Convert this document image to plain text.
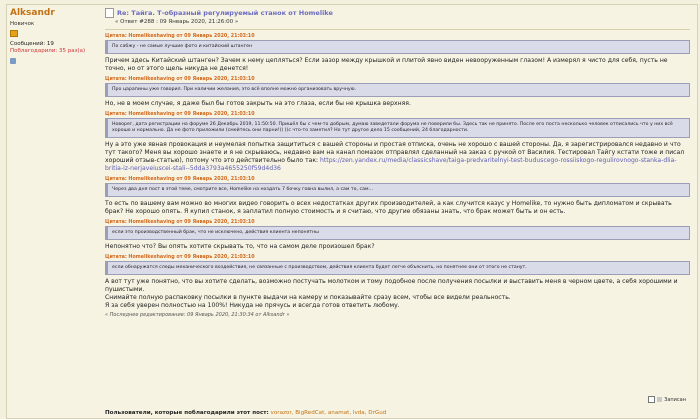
Alksandr
Новичок
Сообщений: 19
Поблагодарили: 35 раз(а)
Re: Тайга. Т-образный регулируемый станок от Homelike
« Ответ #288 : 09 Январь 2020, 21:26:00 »
Цитата: Homelikeshaving от 09 Январь 2020, 21:03:10
По сабжу - не самые лучшие фото и китайский штанген
Причем здесь Китайский штанген? Зачем к нему цепляться? Если зазор между крышкой и плитой явно виден невооруженным глазом! А измерял я чисто для себя, пусть не точно, но от этого щель никуда не денется!
Цитата: Homelikeshaving от 09 Январь 2020, 21:03:10
Про царапины уже говорил. При наличии желания, это всё вполне можно организовать вручную.
Но, не в моем случае, я даже был бы готов закрыть на это глаза, если бы не крышка верхняя.
Цитата: Homelikeshaving от 09 Январь 2020, 21:03:10
Новорег, дата регистрации на форуме 26 Декабрь 2019, 11:50:50. Пришёл бы с чем-то добрым, думаю заведетали форума не поверили бы. Здесь так не принято. После его поста несколько человек отписались что у них всё хорошо и нормально. Да не фото приложили (смейтесь они парни!)) )(с что-то заметил? Но тут другое дело 15 сообщений, 24 благодарности.
Ну а это уже явная провокация и неумелая попытка защититься с вашей стороны и простая отписка, очень не хорошо с вашей стороны. Да, я зарегистрировался недавно и что тут такого? Меня вы хорошо знаете и я не скрываюсь, недавно вам на канал помазок отправлял сделанный на заказ с ручкой от Василия. Тестировал Тайгу кстати тоже и писал хороший отзыв-статью), потому что это действительно было так: https://zen.yandex.ru/media/classicshave/taiga-predvaritelnyi-test-buduscego-rossiiskogo-regulirovnogo-stanka-dlia-britia-iz-nerjaveiuscei-stali--5dda3793a4655250f59d4d36
Цитата: Homelikeshaving от 09 Январь 2020, 21:03:10
Через два дня пост в этой теме, смотрите все, Homelike на ноздать 7 бочку говна вылил, а сам то, сам...
То есть по вашему вам можно во многих видео говорить о всех недостатках других производителей, а как случится казус у Homelike, то нужно быть дипломатом и скрывать брак? Не хорошо опять. Я купил станок, я заплатил полную стоимость и я считаю, что другие обязаны знать, что брак может быть и он есть.
Цитата: Homelikeshaving от 09 Январь 2020, 21:03:10
если это производственный брак, что не исключено, действия клиента непонятны
Непонятно что? Вы опять хотите скрывать то, что на самом деле произошел брак?
Цитата: Homelikeshaving от 09 Январь 2020, 21:03:10
если обнаружатся следы механического воздействия, не связанные с производством, действия клиента будет легче объяснить, но понятнее они от этого не станут.
А вот тут уже понятно, что вы хотите сделать, возможно постучать молотком и тому подобное после получения посылки и выставить меня в черном цвете, а себя хорошими и пушистыми.
Снимайте полную распаковку посылки в пункте выдачи на камеру и показывайте сразу всем, чтобы все видели реальность.
Я за себя уверен полностью на 100%! Никуда не прячусь и всегда готов ответить любому.
« Последнее редактирование: 09 Январь 2020, 21:30:34 от Alksandr »
Записан
Пользователи, которые поблагодарили этот пост: vorazor, BigRedCat, anamat, lvda, DrGud
